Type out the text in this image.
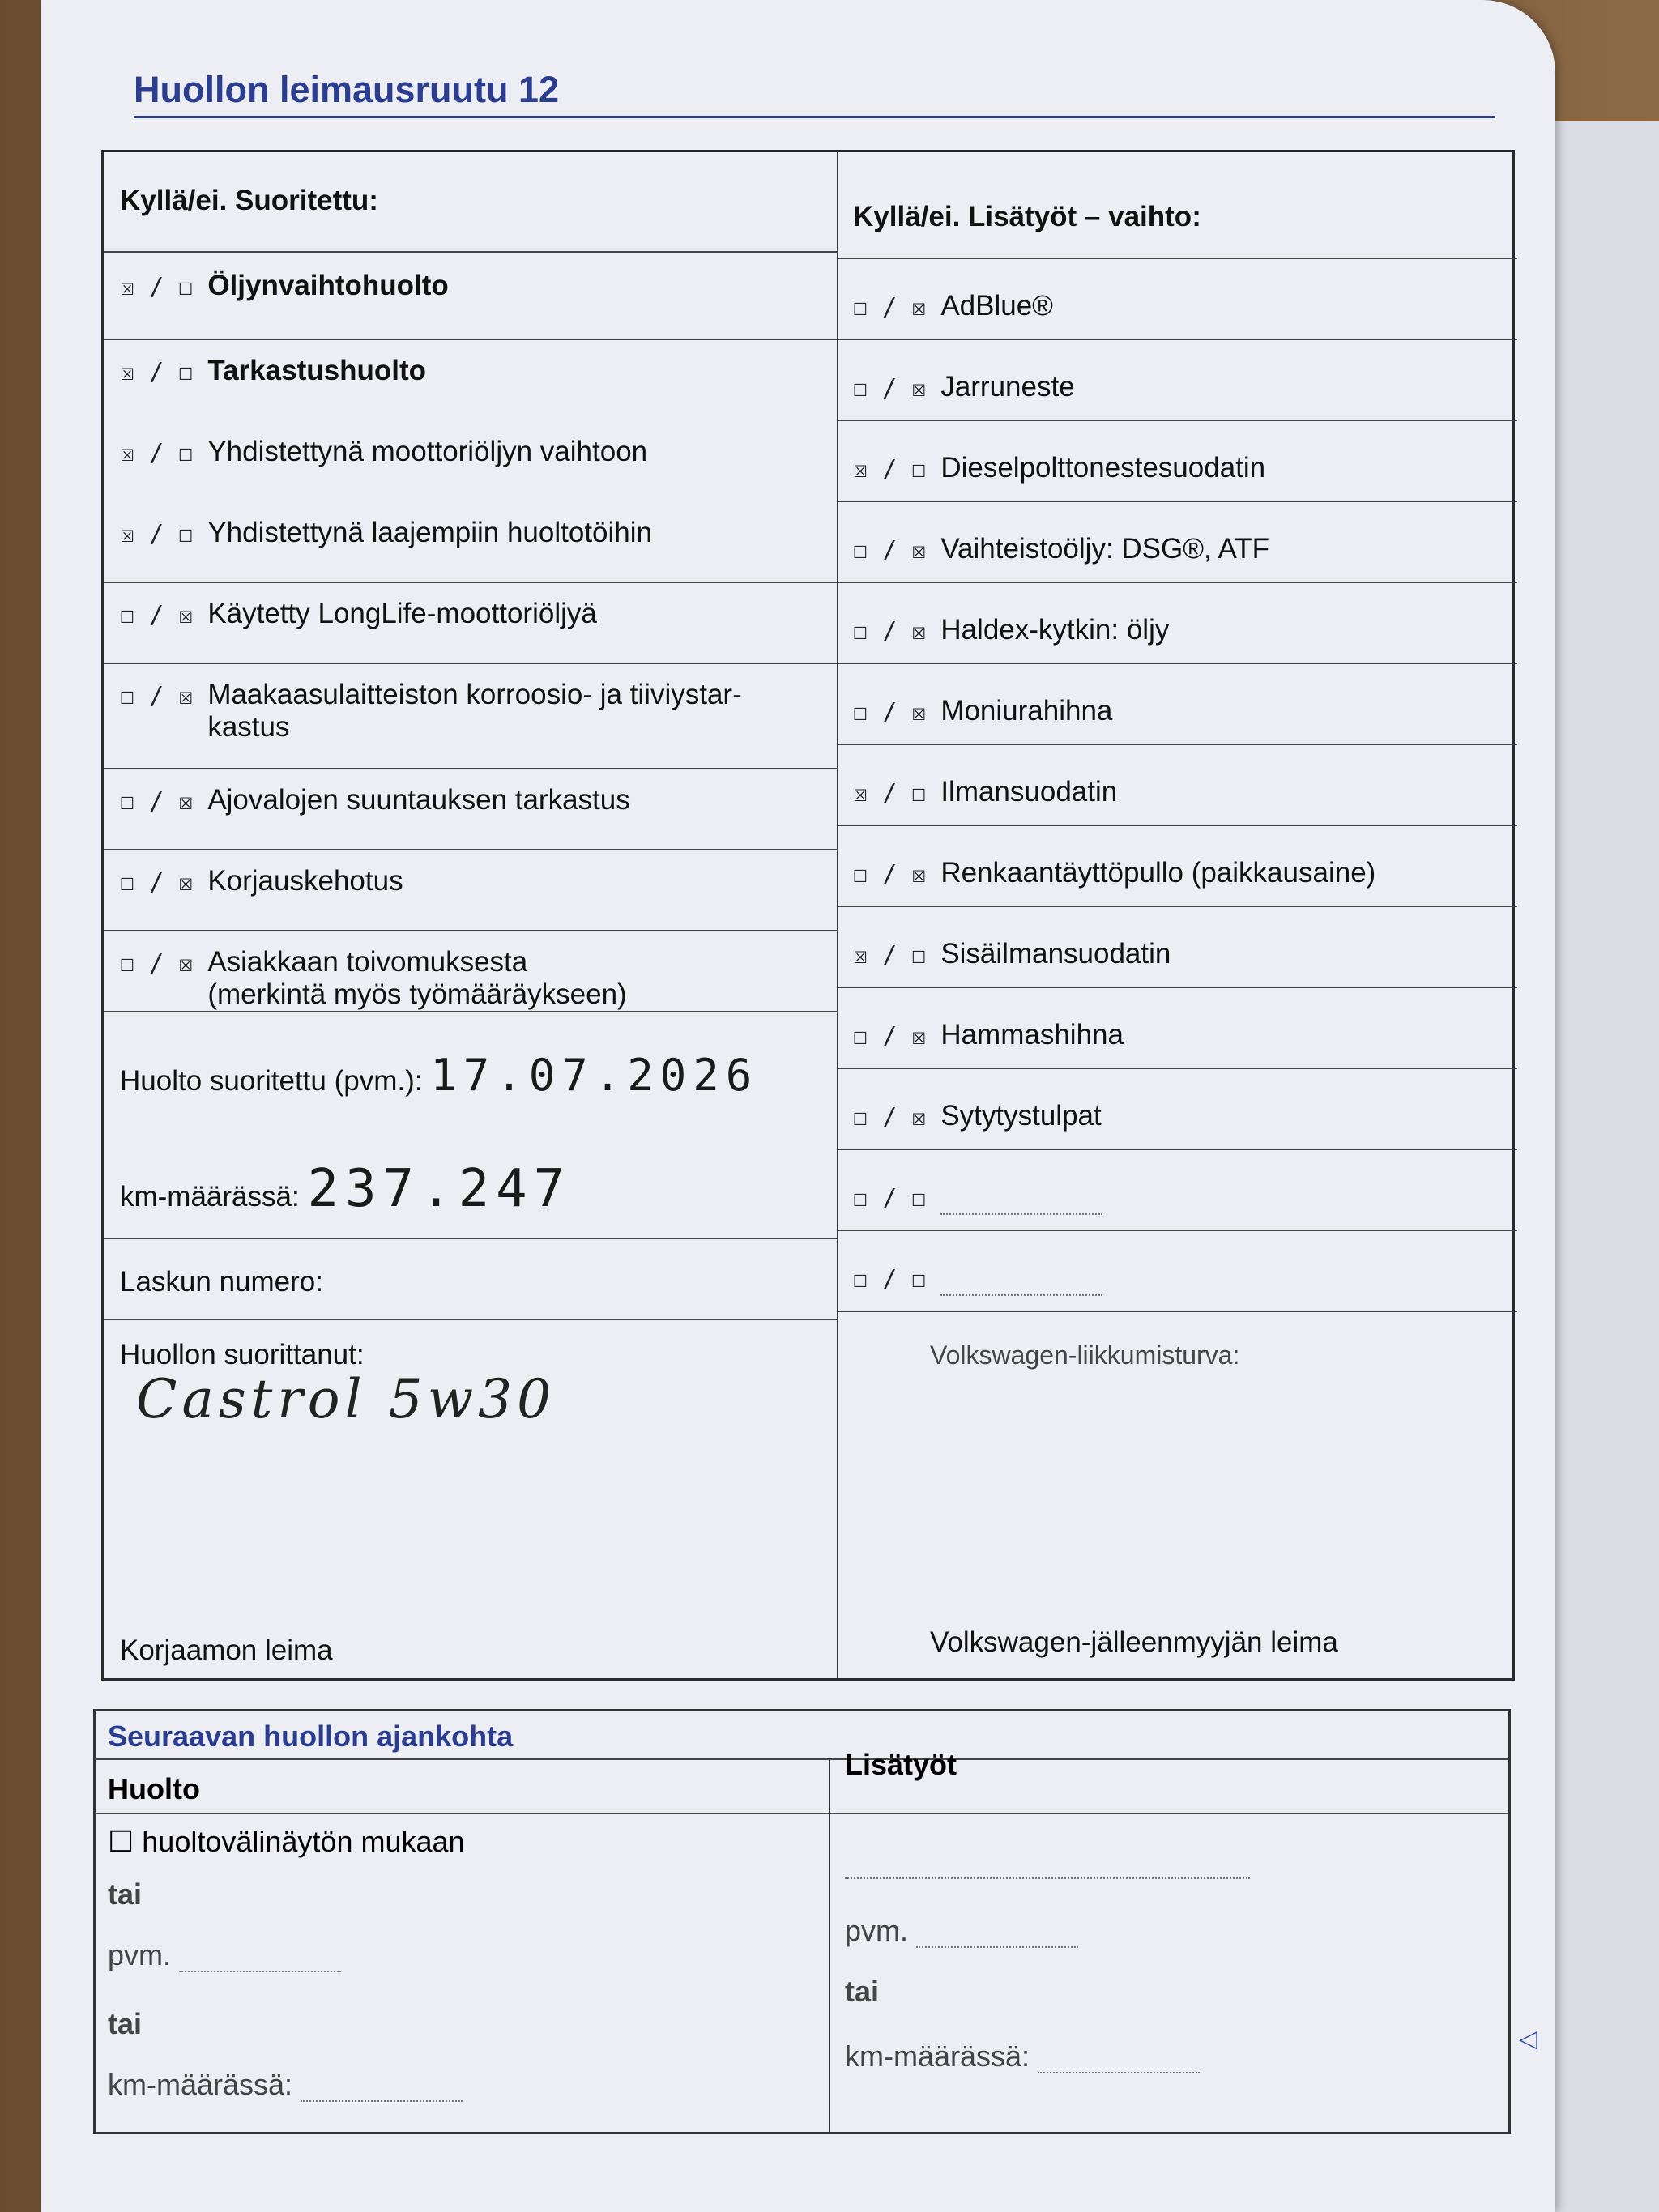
Huollon leimausruutu 12
Kyllä/ei. Suoritettu:
Kyllä/ei. Lisätyöt – vaihto:
☒ / ☐ Öljynvaihtohuolto
☒ / ☐ Tarkastushuolto
☒ / ☐ Yhdistettynä moottoriöljyn vaihtoon
☒ / ☐ Yhdistettynä laajempiin huoltotöihin
☐ / ☒ Käytetty LongLife-moottoriöljyä
☐ / ☒ Maakaasulaitteiston korroosio- ja tiiviystar-
kastus
☐ / ☒ Ajovalojen suuntauksen tarkastus
☐ / ☒ Korjauskehotus
☐ / ☒ Asiakkaan toivomuksesta
(merkintä myös työmääräykseen)
☐ / ☒ AdBlue®
☐ / ☒ Jarruneste
☒ / ☐ Dieselpolttonestesuodatin
☐ / ☒ Vaihteistoöljy: DSG®, ATF
☐ / ☒ Haldex-kytkin: öljy
☐ / ☒ Moniurahihna
☒ / ☐ Ilmansuodatin
☐ / ☒ Renkaantäyttöpullo (paikkausaine)
☒ / ☐ Sisäilmansuodatin
☐ / ☒ Hammashihna
☐ / ☒ Sytytystulpat
☐ / ☐
☐ / ☐
Huolto suoritettu (pvm.): 17.07.2026
km-määrässä: 237.247
Laskun numero:
Huollon suorittanut:
Castrol 5w30
Korjaamon leima
Volkswagen-liikkumisturva:
Volkswagen-jälleenmyyjän leima
Seuraavan huollon ajankohta
Huolto
Lisätyöt
☐ huoltovälinäytön mukaan
tai
pvm.
tai
km-määrässä:
pvm.
tai
km-määrässä:
◁
